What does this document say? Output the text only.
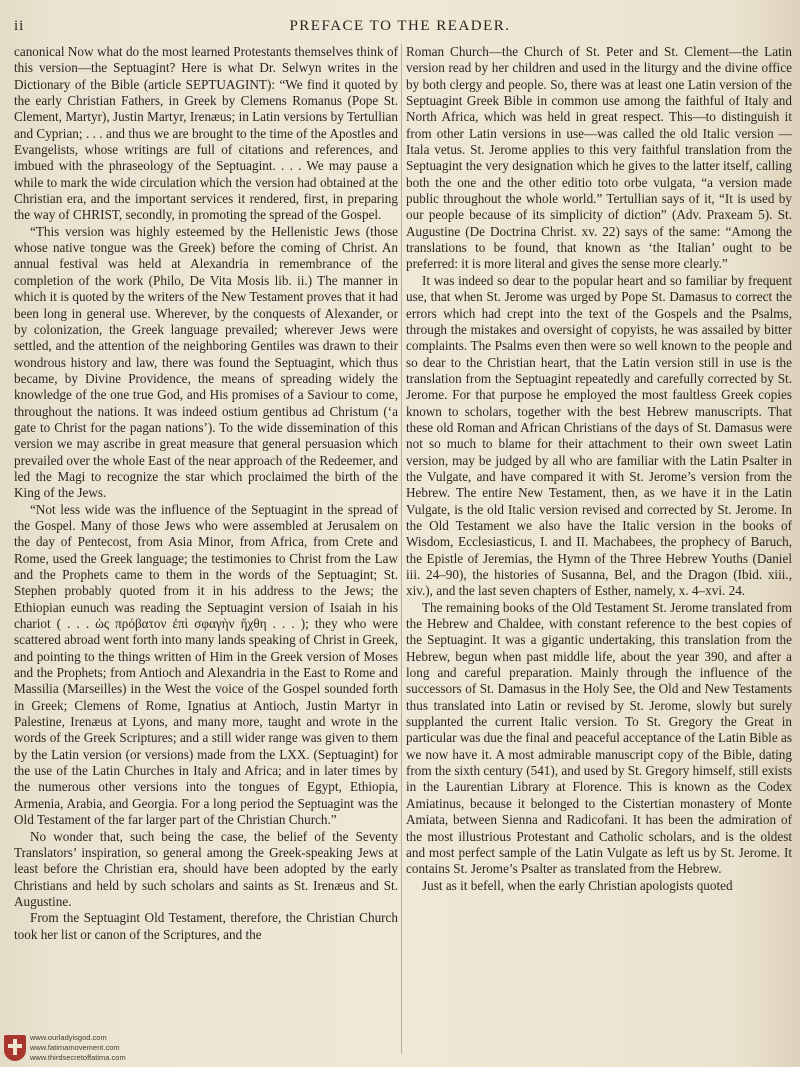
ii	PREFACE TO THE READER.

canonical Now what do the most learned Protestants themselves think of this version—the Septuagint? Here is what Dr. Selwyn writes in the Dictionary of the Bible (article SEPTUAGINT): “We find it quoted by the early Christian Fathers, in Greek by Clemens Romanus (Pope St. Clement, Martyr), Justin Martyr, Irenæus; in Latin versions by Tertullian and Cyprian; . . . and thus we are brought to the time of the Apostles and Evangelists, whose writings are full of citations and references, and imbued with the phraseology of the Septuagint. . . . We may pause a while to mark the wide circulation which the version had obtained at the Christian era, and the important services it rendered, first, in preparing the way of CHRIST, secondly, in promoting the spread of the Gospel.

“This version was highly esteemed by the Hellenistic Jews (those whose native tongue was the Greek) before the coming of Christ. An annual festival was held at Alexandria in remembrance of the completion of the work (Philo, De Vita Mosis lib. ii.) The manner in which it is quoted by the writers of the New Testament proves that it had been long in general use. Wherever, by the conquests of Alexander, or by colonization, the Greek language prevailed; wherever Jews were settled, and the attention of the neighboring Gentiles was drawn to their wondrous history and law, there was found the Septuagint, which thus became, by Divine Providence, the means of spreading widely the knowledge of the one true God, and His promises of a Saviour to come, throughout the nations. It was indeed ostium gentibus ad Christum (‘a gate to Christ for the pagan nations’). To the wide dissemination of this version we may ascribe in great measure that general persuasion which prevailed over the whole East of the near approach of the Redeemer, and led the Magi to recognize the star which proclaimed the birth of the King of the Jews.

“Not less wide was the influence of the Septuagint in the spread of the Gospel. Many of those Jews who were assembled at Jerusalem on the day of Pentecost, from Asia Minor, from Africa, from Crete and Rome, used the Greek language; the testimonies to Christ from the Law and the Prophets came to them in the words of the Septuagint; St. Stephen probably quoted from it in his address to the Jews; the Ethiopian eunuch was reading the Septuagint version of Isaiah in his chariot ( . . . ὡς πρόβατον ἐπὶ σφαγὴν ἤχθη . . . ); they who were scattered abroad went forth into many lands speaking of Christ in Greek, and pointing to the things written of Him in the Greek version of Moses and the Prophets; from Antioch and Alexandria in the East to Rome and Massilia (Marseilles) in the West the voice of the Gospel sounded forth in Greek; Clemens of Rome, Ignatius at Antioch, Justin Martyr in Palestine, Irenæus at Lyons, and many more, taught and wrote in the words of the Greek Scriptures; and a still wider range was given to them by the Latin version (or versions) made from the LXX. (Septuagint) for the use of the Latin Churches in Italy and Africa; and in later times by the numerous other versions into the tongues of Egypt, Ethiopia, Armenia, Arabia, and Georgia. For a long period the Septuagint was the Old Testament of the far larger part of the Christian Church.”

No wonder that, such being the case, the belief of the Seventy Translators’ inspiration, so general among the Greek-speaking Jews at least before the Christian era, should have been adopted by the early Christians and held by such scholars and saints as St. Irenæus and St. Augustine.

From the Septuagint Old Testament, therefore, the Christian Church took her list or canon of the Scriptures, and the

Roman Church—the Church of St. Peter and St. Clement—the Latin version read by her children and used in the liturgy and the divine office by both clergy and people. So, there was at least one Latin version of the Septuagint Greek Bible in common use among the faithful of Italy and North Africa, which was held in great respect. This—to distinguish it from other Latin versions in use—was called the old Italic version —Itala vetus. St. Jerome applies to this very faithful translation from the Septuagint the very designation which he gives to the latter itself, calling both the one and the other editio toto orbe vulgata, “a version made public throughout the whole world.” Tertullian says of it, “It is used by our people because of its simplicity of diction” (Adv. Praxeam 5). St. Augustine (De Doctrina Christ. xv. 22) says of the same: “Among the translations to be found, that known as ‘the Italian’ ought to be preferred: it is more literal and gives the sense more clearly.”

It was indeed so dear to the popular heart and so familiar by frequent use, that when St. Jerome was urged by Pope St. Damasus to correct the errors which had crept into the text of the Gospels and the Psalms, through the mistakes and oversight of copyists, he was assailed by bitter complaints. The Psalms even then were so well known to the people and so dear to the Christian heart, that the Latin version still in use is the translation from the Septuagint repeatedly and carefully corrected by St. Jerome. For that purpose he employed the most faultless Greek copies known to scholars, together with the best Hebrew manuscripts. That these old Roman and African Christians of the days of St. Damasus were not so much to blame for their attachment to their own sweet Latin version, may be judged by all who are familiar with the Latin Psalter in the Vulgate, and have compared it with St. Jerome’s version from the Hebrew. The entire New Testament, then, as we have it in the Latin Vulgate, is the old Italic version revised and corrected by St. Jerome. In the Old Testament we also have the Italic version in the books of Wisdom, Ecclesiasticus, I. and II. Machabees, the prophecy of Baruch, the Epistle of Jeremias, the Hymn of the Three Hebrew Youths (Daniel iii. 24–90), the histories of Susanna, Bel, and the Dragon (Ibid. xiii., xiv.), and the last seven chapters of Esther, namely, x. 4–xvi. 24.

The remaining books of the Old Testament St. Jerome translated from the Hebrew and Chaldee, with constant reference to the best copies of the Septuagint. It was a gigantic undertaking, this translation from the Hebrew, begun when past middle life, about the year 390, and after a long and careful preparation. Mainly through the influence of the successors of St. Damasus in the Holy See, the Old and New Testaments thus translated into Latin or revised by St. Jerome, slowly but surely supplanted the current Italic version. To St. Gregory the Great in particular was due the final and peaceful acceptance of the Latin Bible as we now have it. A most admirable manuscript copy of the Bible, dating from the sixth century (541), and used by St. Gregory himself, still exists in the Laurentian Library at Florence. This is known as the Codex Amiatinus, because it belonged to the Cistertian monastery of Monte Amiata, between Sienna and Radicofani. It has been the admiration of the most illustrious Protestant and Catholic scholars, and is the oldest and most perfect sample of the Latin Vulgate as left us by St. Jerome. It contains St. Jerome’s Psalter as translated from the Hebrew.

Just as it befell, when the early Christian apologists quoted

www.ourladyisgod.com
www.fatimamovement.com
www.thirdsecretoffatima.com
